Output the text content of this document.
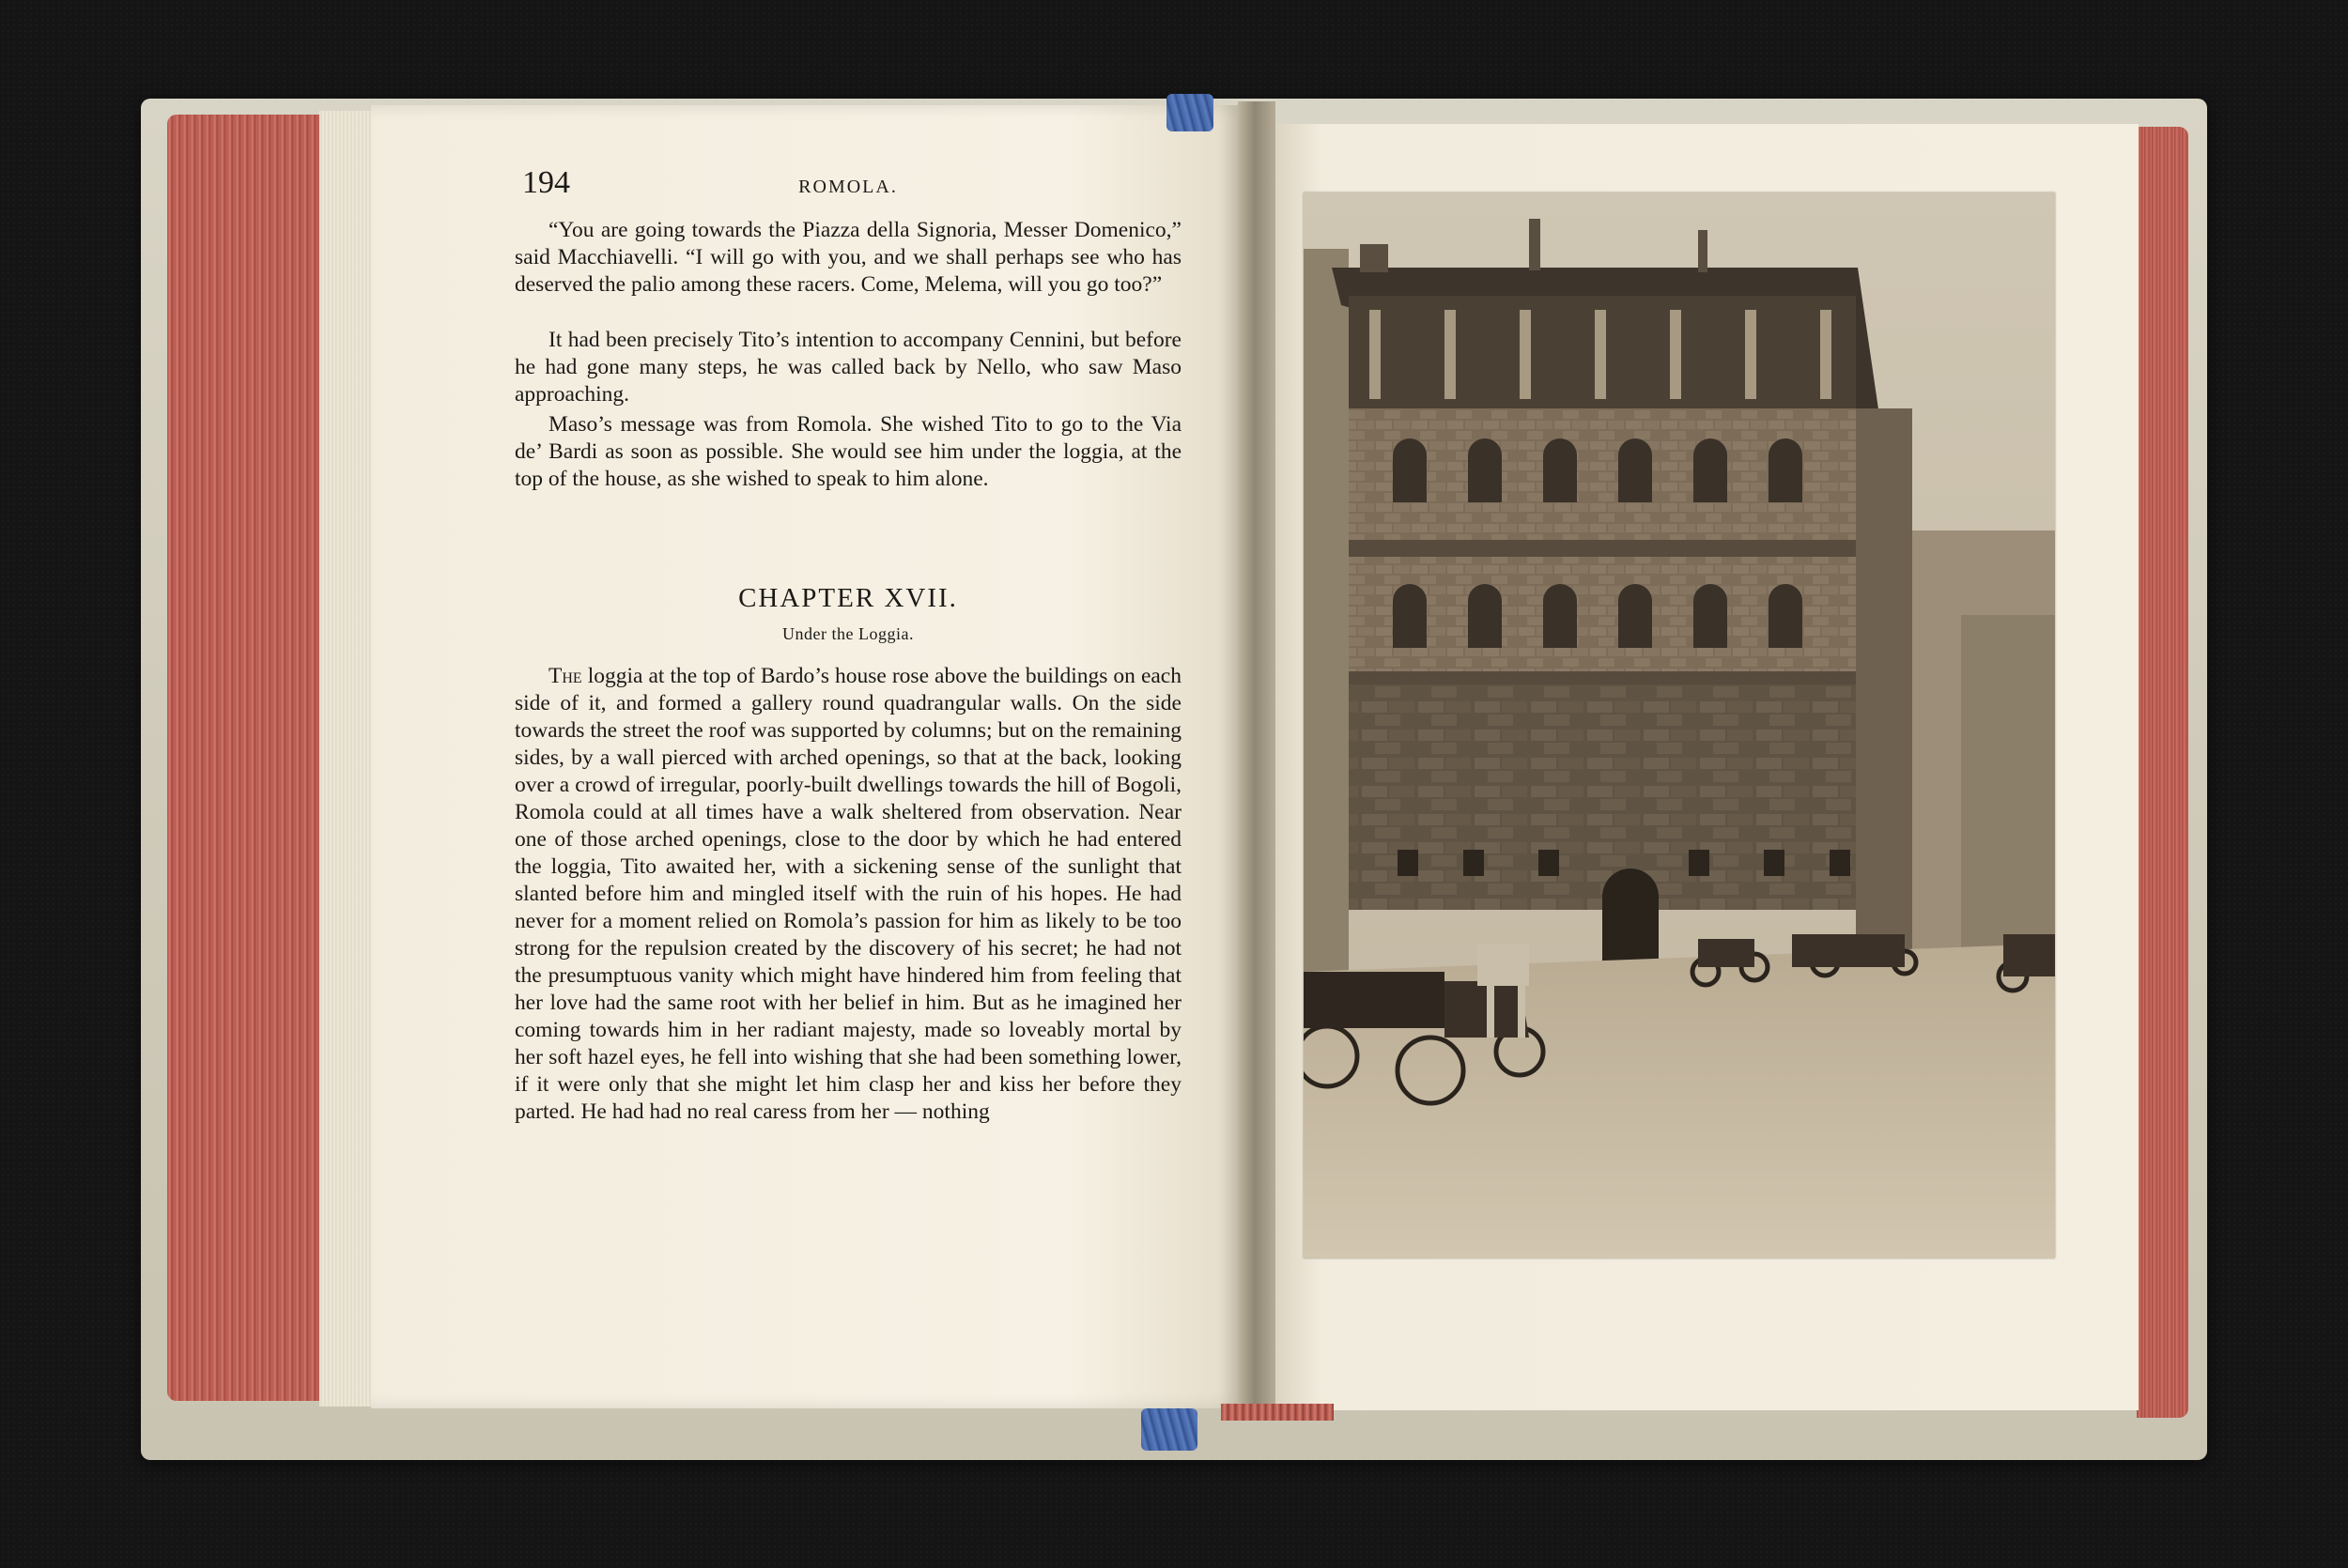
194	ROMOLA.

“You are going towards the Piazza della Signoria, Messer Domenico,” said Macchiavelli. “I will go with you, and we shall perhaps see who has deserved the palio among these racers. Come, Melema, will you go too?”

It had been precisely Tito’s intention to accompany Cennini, but before he had gone many steps, he was called back by Nello, who saw Maso approaching.

Maso’s message was from Romola. She wished Tito to go to the Via de’ Bardi as soon as possible. She would see him under the loggia, at the top of the house, as she wished to speak to him alone.

CHAPTER XVII.
Under the Loggia.

The loggia at the top of Bardo’s house rose above the buildings on each side of it, and formed a gallery round quadrangular walls. On the side towards the street the roof was supported by columns; but on the remaining sides, by a wall pierced with arched openings, so that at the back, looking over a crowd of irregular, poorly-built dwellings towards the hill of Bogoli, Romola could at all times have a walk sheltered from observation. Near one of those arched openings, close to the door by which he had entered the loggia, Tito awaited her, with a sickening sense of the sunlight that slanted before him and mingled itself with the ruin of his hopes. He had never for a moment relied on Romola’s passion for him as likely to be too strong for the repulsion created by the discovery of his secret; he had not the presumptuous vanity which might have hindered him from feeling that her love had the same root with her belief in him. But as he imagined her coming towards him in her radiant majesty, made so loveably mortal by her soft hazel eyes, he fell into wishing that she had been something lower, if it were only that she might let him clasp her and kiss her before they parted. He had had no real caress from her — nothing
